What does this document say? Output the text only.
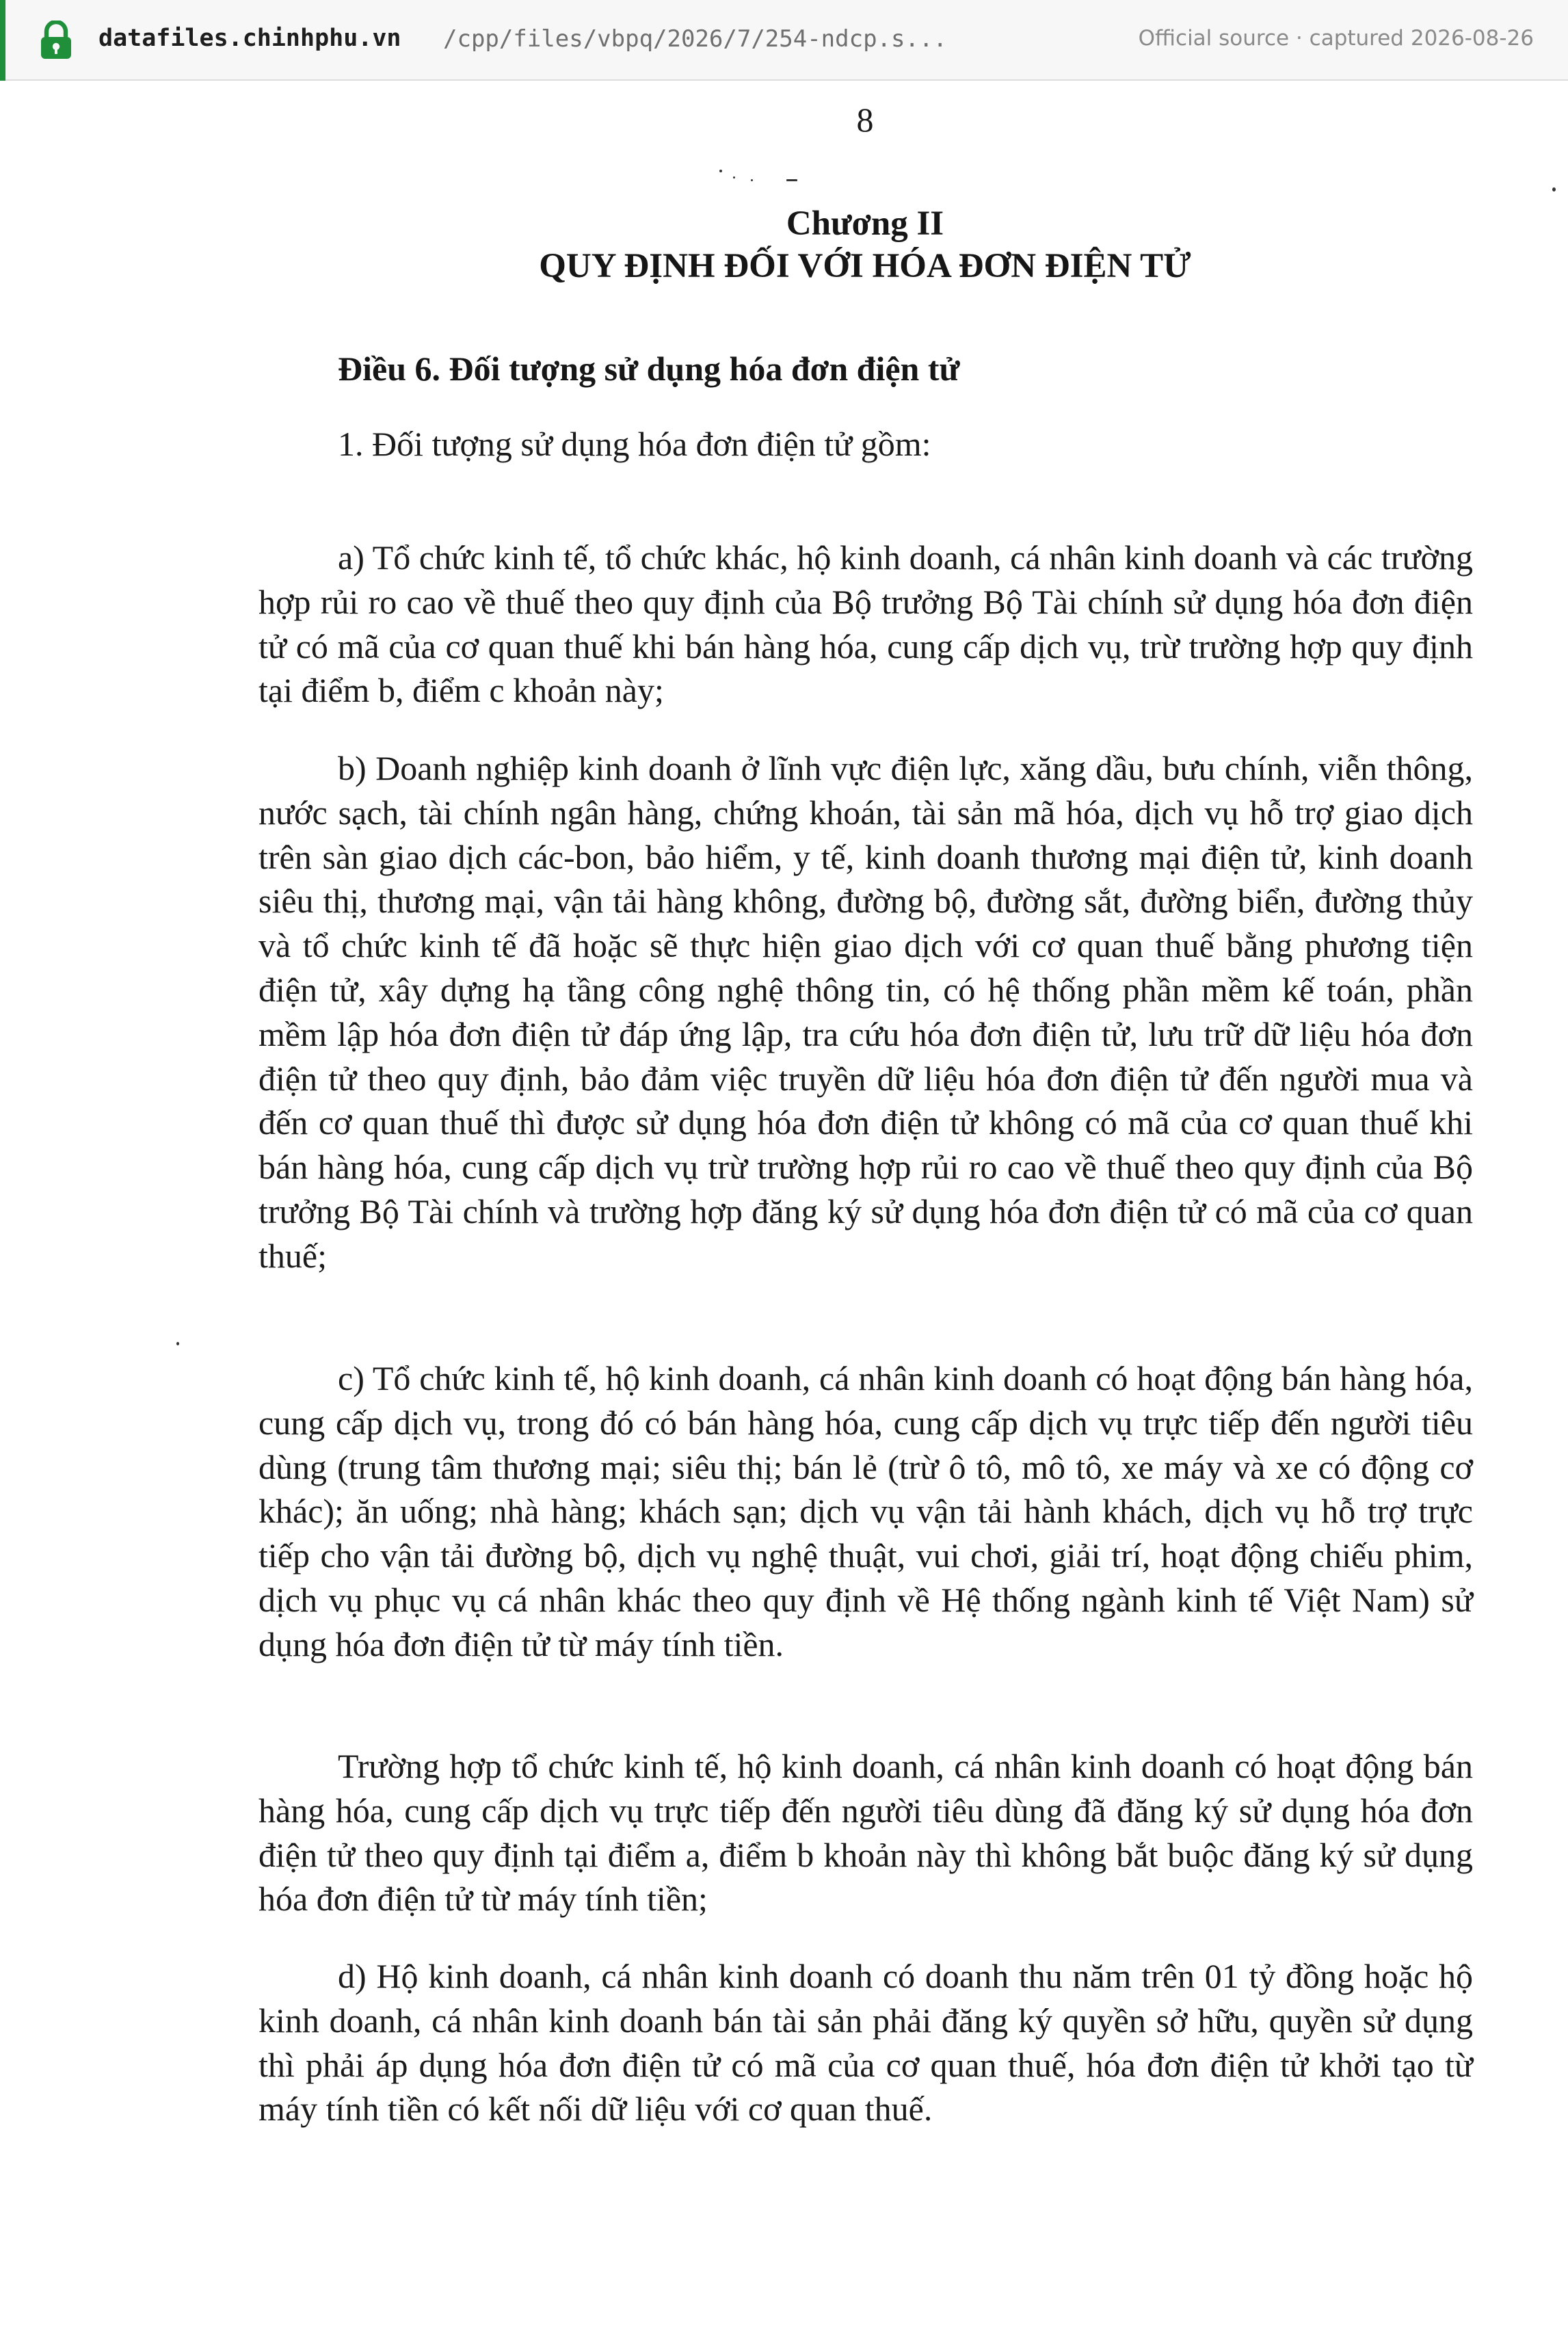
datafiles.chinhphu.vn /cpp/files/vbpq/2026/7/254-ndcp.s...	Official source · captured 2026-08-26
8
Chương II
QUY ĐỊNH ĐỐI VỚI HÓA ĐƠN ĐIỆN TỬ
Điều 6. Đối tượng sử dụng hóa đơn điện tử
1. Đối tượng sử dụng hóa đơn điện tử gồm:

a) Tổ chức kinh tế, tổ chức khác, hộ kinh doanh, cá nhân kinh doanh và các trường hợp rủi ro cao về thuế theo quy định của Bộ trưởng Bộ Tài chính sử dụng hóa đơn điện tử có mã của cơ quan thuế khi bán hàng hóa, cung cấp dịch vụ, trừ trường hợp quy định tại điểm b, điểm c khoản này;

b) Doanh nghiệp kinh doanh ở lĩnh vực điện lực, xăng dầu, bưu chính, viễn thông, nước sạch, tài chính ngân hàng, chứng khoán, tài sản mã hóa, dịch vụ hỗ trợ giao dịch trên sàn giao dịch các-bon, bảo hiểm, y tế, kinh doanh thương mại điện tử, kinh doanh siêu thị, thương mại, vận tải hàng không, đường bộ, đường sắt, đường biển, đường thủy và tổ chức kinh tế đã hoặc sẽ thực hiện giao dịch với cơ quan thuế bằng phương tiện điện tử, xây dựng hạ tầng công nghệ thông tin, có hệ thống phần mềm kế toán, phần mềm lập hóa đơn điện tử đáp ứng lập, tra cứu hóa đơn điện tử, lưu trữ dữ liệu hóa đơn điện tử theo quy định, bảo đảm việc truyền dữ liệu hóa đơn điện tử đến người mua và đến cơ quan thuế thì được sử dụng hóa đơn điện tử không có mã của cơ quan thuế khi bán hàng hóa, cung cấp dịch vụ trừ trường hợp rủi ro cao về thuế theo quy định của Bộ trưởng Bộ Tài chính và trường hợp đăng ký sử dụng hóa đơn điện tử có mã của cơ quan thuế;

c) Tổ chức kinh tế, hộ kinh doanh, cá nhân kinh doanh có hoạt động bán hàng hóa, cung cấp dịch vụ, trong đó có bán hàng hóa, cung cấp dịch vụ trực tiếp đến người tiêu dùng (trung tâm thương mại; siêu thị; bán lẻ (trừ ô tô, mô tô, xe máy và xe có động cơ khác); ăn uống; nhà hàng; khách sạn; dịch vụ vận tải hành khách, dịch vụ hỗ trợ trực tiếp cho vận tải đường bộ, dịch vụ nghệ thuật, vui chơi, giải trí, hoạt động chiếu phim, dịch vụ phục vụ cá nhân khác theo quy định về Hệ thống ngành kinh tế Việt Nam) sử dụng hóa đơn điện tử từ máy tính tiền.

Trường hợp tổ chức kinh tế, hộ kinh doanh, cá nhân kinh doanh có hoạt động bán hàng hóa, cung cấp dịch vụ trực tiếp đến người tiêu dùng đã đăng ký sử dụng hóa đơn điện tử theo quy định tại điểm a, điểm b khoản này thì không bắt buộc đăng ký sử dụng hóa đơn điện tử từ máy tính tiền;

d) Hộ kinh doanh, cá nhân kinh doanh có doanh thu năm trên 01 tỷ đồng hoặc hộ kinh doanh, cá nhân kinh doanh bán tài sản phải đăng ký quyền sở hữu, quyền sử dụng thì phải áp dụng hóa đơn điện tử có mã của cơ quan thuế, hóa đơn điện tử khởi tạo từ máy tính tiền có kết nối dữ liệu với cơ quan thuế.
